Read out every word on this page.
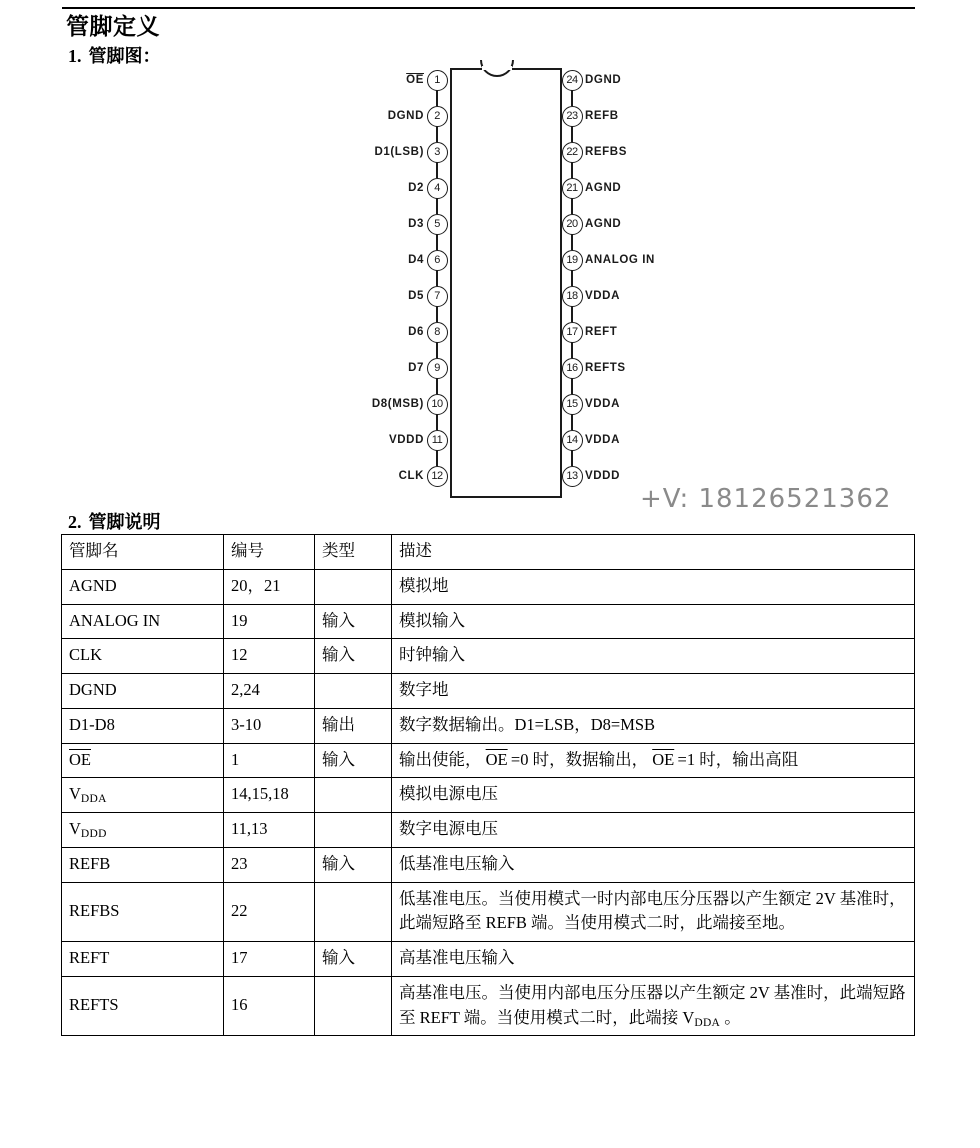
管脚定义
1. 管脚图：
2. 管脚说明
1
$\overline{OE}$
2
DGND
3
D1(LSB)
4
D2
5
D3
6
D4
7
D5
8
D6
9
D7
10
D8(MSB)
11
VDDD
12
CLK
24 DGND
23 REFB
22 REFBS
21 AGND
20 AGND
19 ANALOG IN
18 VDDA
17 REFT
16 REFTS
15 VDDA
14 VDDA
13 VDDD
+V: 18126521362
管脚名	编号	类型	描述
AGND	20，21		模拟地
ANALOG IN	19	输入	模拟输入
CLK	12	输入	时钟输入
DGND	2,24		数字地
D1-D8	3-10	输出	数字数据输出。D1=LSB，D8=MSB
$\overline{OE}$	1	输入	输出使能， $\overline{OE} =0$ 时，数据输出， $\overline{OE} =1$ 时，输出高阻
VDDA	14,15,18		模拟电源电压
VDDD	11,13		数字电源电压
REFB	23	输入	低基准电压输入
REFBS	22		低基准电压。当使用模式一时内部电压分压器以产生额定 2V 基准时，此端短路至 REFB 端。当使用模式二时，此端接至地。
REFT	17	输入	高基准电压输入
REFTS	16		高基准电压。当使用内部电压分压器以产生额定 2V 基准时，此端短路至 REFT 端。当使用模式二时，此端接 VDDA 。
